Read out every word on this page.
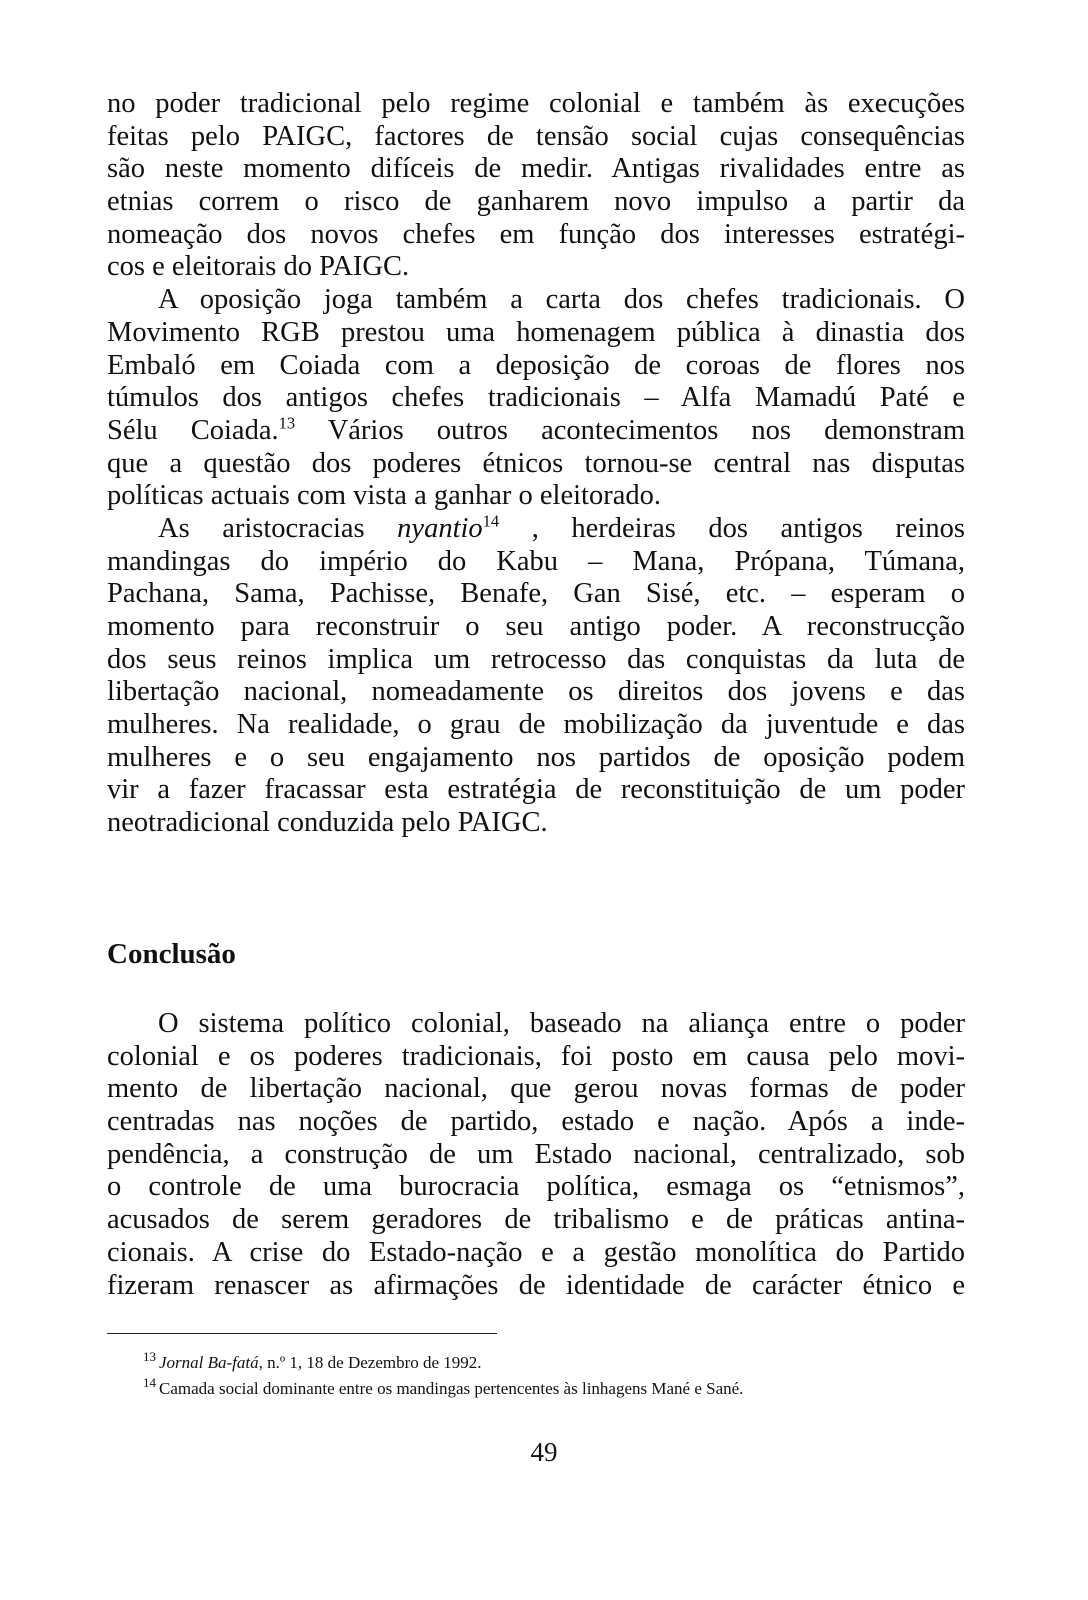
no poder tradicional pelo regime colonial e também às execuções
feitas pelo PAIGC, factores de tensão social cujas consequências
são neste momento difíceis de medir. Antigas rivalidades entre as
etnias correm o risco de ganharem novo impulso a partir da
nomeação dos novos chefes em função dos interesses estratégi-
cos e eleitorais do PAIGC.
A oposição joga também a carta dos chefes tradicionais. O
Movimento RGB prestou uma homenagem pública à dinastia dos
Embaló em Coiada com a deposição de coroas de flores nos
túmulos dos antigos chefes tradicionais – Alfa Mamadú Paté e
Sélu Coiada.$^{13}$ Vários outros acontecimentos nos demonstram
que a questão dos poderes étnicos tornou-se central nas disputas
políticas actuais com vista a ganhar o eleitorado.
As aristocracias nyantio$^{14}$ , herdeiras dos antigos reinos
mandingas do império do Kabu – Mana, Própana, Túmana,
Pachana, Sama, Pachisse, Benafe, Gan Sisé, etc. – esperam o
momento para reconstruir o seu antigo poder. A reconstrucção
dos seus reinos implica um retrocesso das conquistas da luta de
libertação nacional, nomeadamente os direitos dos jovens e das
mulheres. Na realidade, o grau de mobilização da juventude e das
mulheres e o seu engajamento nos partidos de oposição podem
vir a fazer fracassar esta estratégia de reconstituição de um poder
neotradicional conduzida pelo PAIGC.
Conclusão
O sistema político colonial, baseado na aliança entre o poder
colonial e os poderes tradicionais, foi posto em causa pelo movi-
mento de libertação nacional, que gerou novas formas de poder
centradas nas noções de partido, estado e nação. Após a inde-
pendência, a construção de um Estado nacional, centralizado, sob
o controle de uma burocracia política, esmaga os “etnismos”,
acusados de serem geradores de tribalismo e de práticas antina-
cionais. A crise do Estado-nação e a gestão monolítica do Partido
fizeram renascer as afirmações de identidade de carácter étnico e
$^{13}$ Jornal Ba-fatá, n.º 1, 18 de Dezembro de 1992.
$^{14}$ Camada social dominante entre os mandingas pertencentes às linhagens Mané e Sané.
49
